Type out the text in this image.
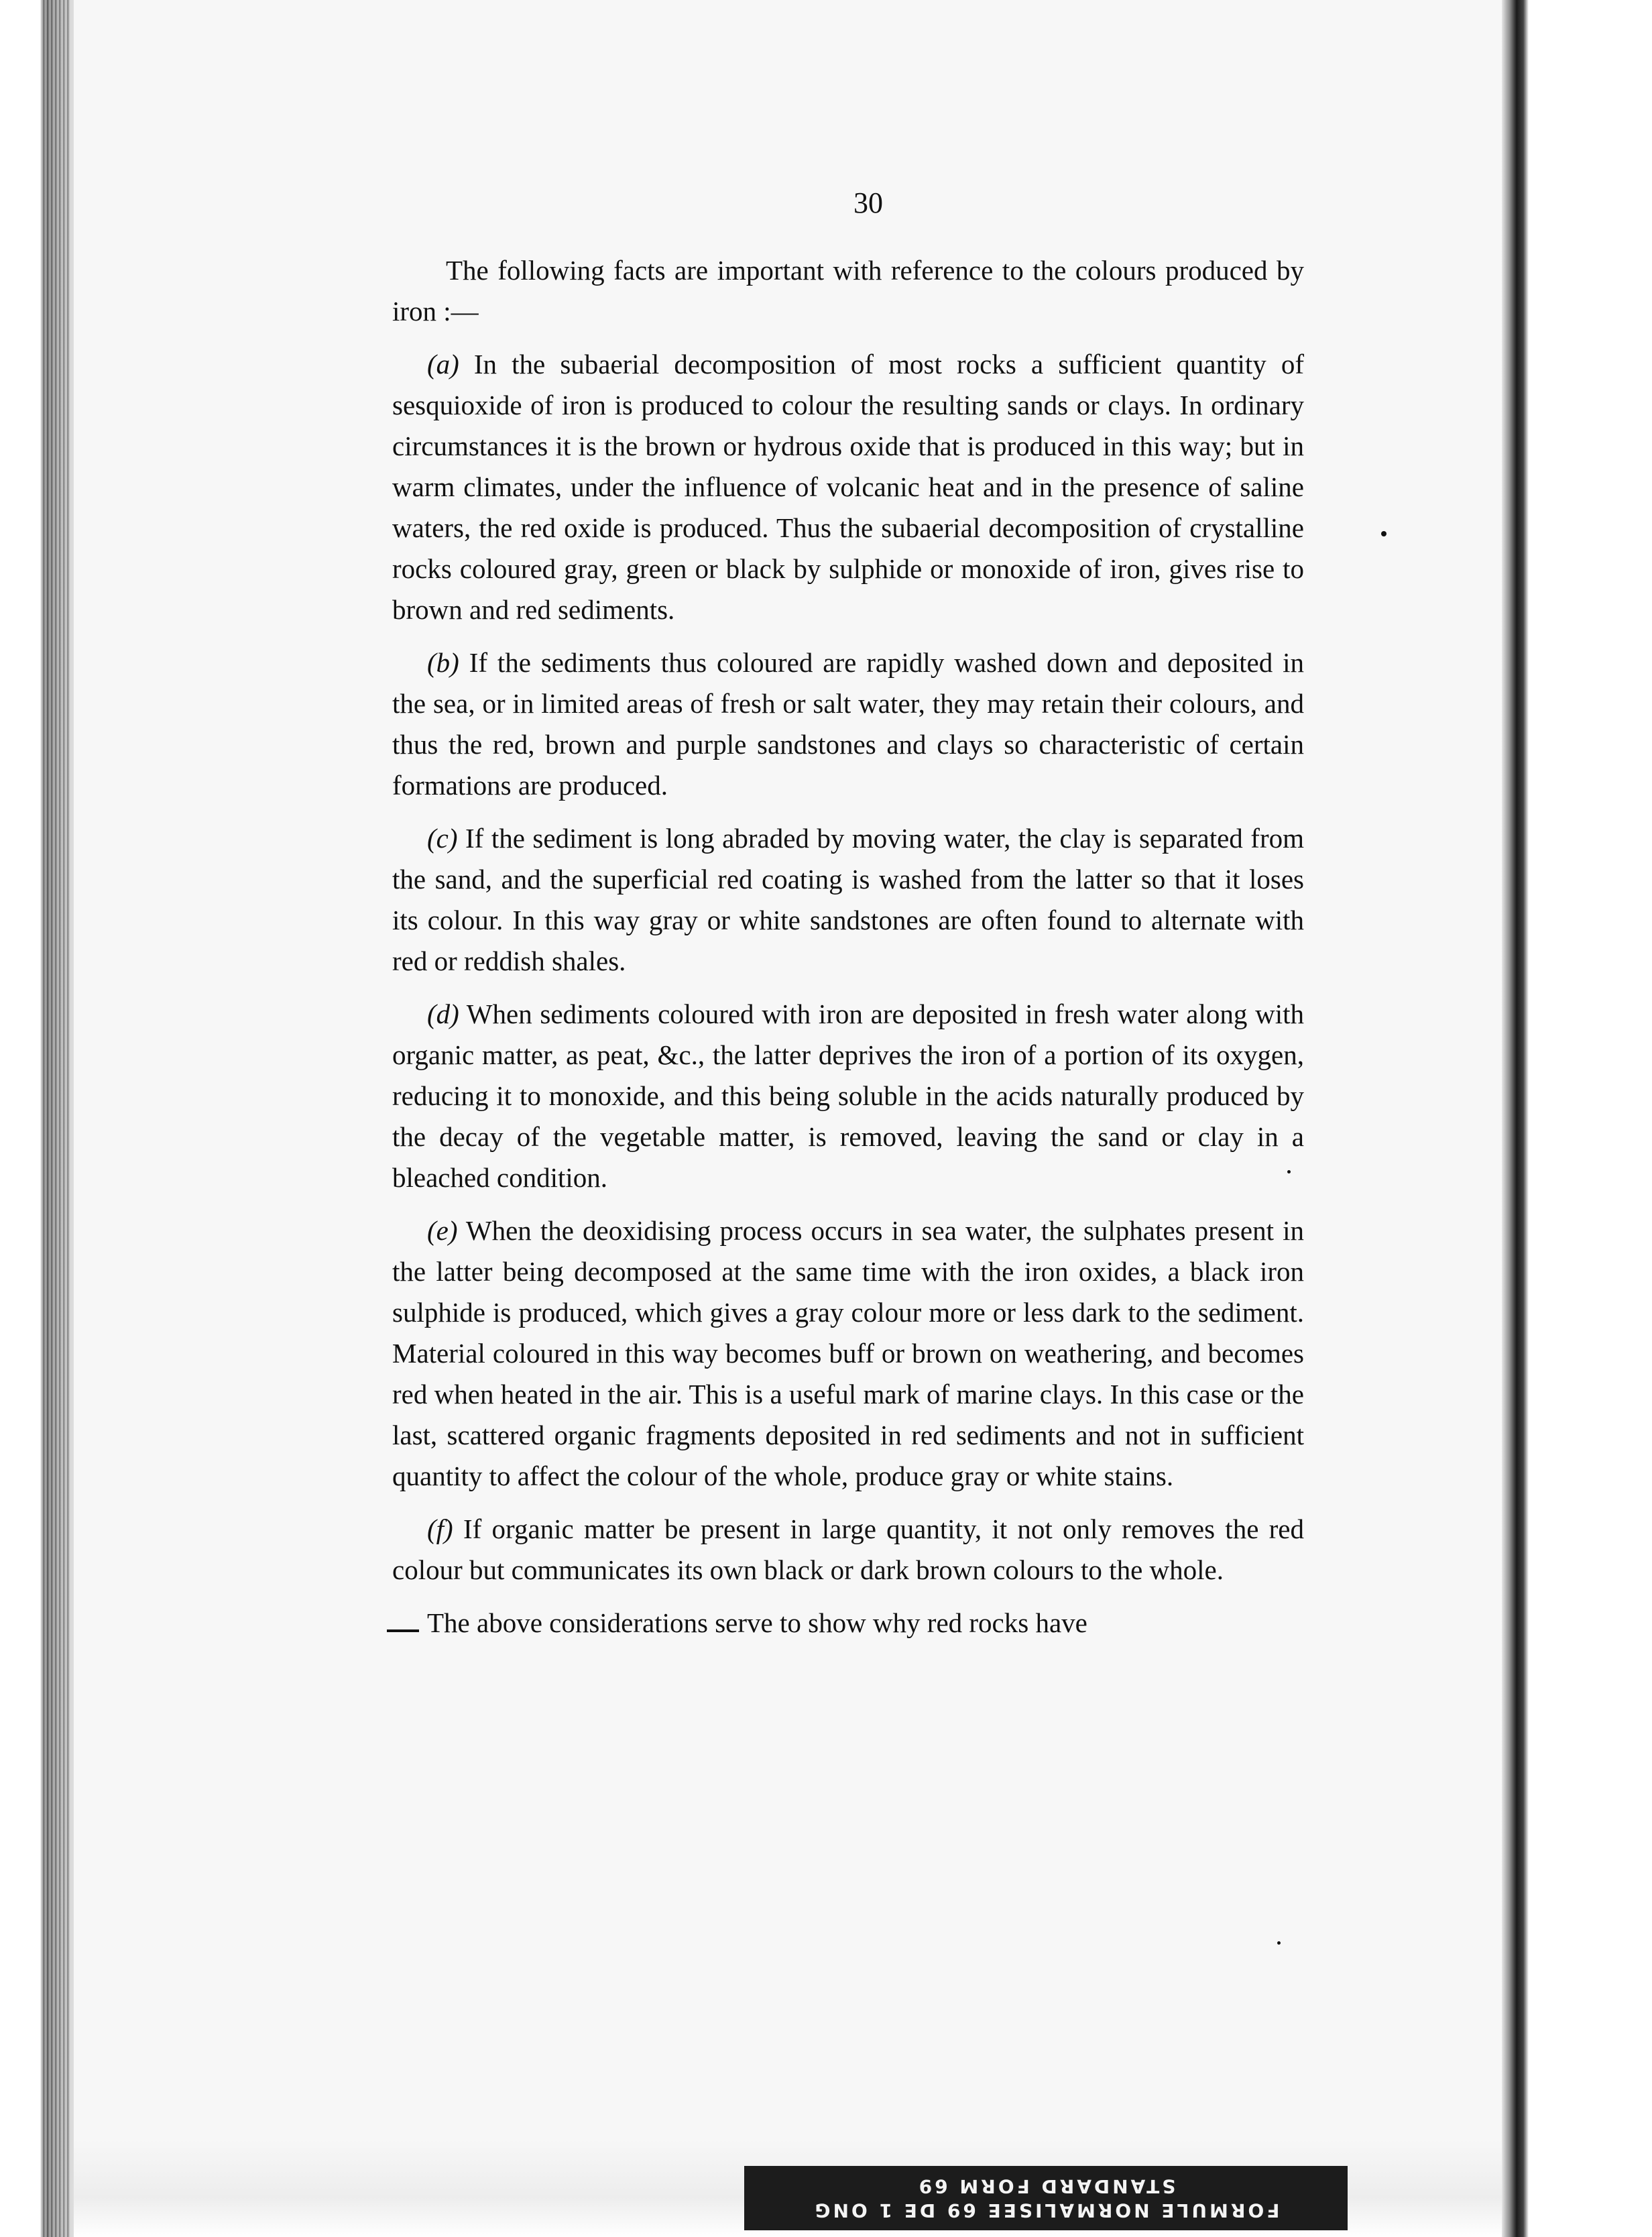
30

The following facts are important with reference to the colours produced by iron :—

(a) In the subaerial decomposition of most rocks a sufficient quantity of sesquioxide of iron is produced to colour the resulting sands or clays. In ordinary circumstances it is the brown or hydrous oxide that is produced in this way; but in warm climates, under the influence of volcanic heat and in the presence of saline waters, the red oxide is produced. Thus the subaerial decomposition of crystalline rocks coloured gray, green or black by sulphide or monoxide of iron, gives rise to brown and red sediments.

(b) If the sediments thus coloured are rapidly washed down and deposited in the sea, or in limited areas of fresh or salt water, they may retain their colours, and thus the red, brown and purple sandstones and clays so characteristic of certain formations are produced.

(c) If the sediment is long abraded by moving water, the clay is separated from the sand, and the superficial red coating is washed from the latter so that it loses its colour. In this way gray or white sandstones are often found to alternate with red or reddish shales.

(d) When sediments coloured with iron are deposited in fresh water along with organic matter, as peat, &c., the latter deprives the iron of a portion of its oxygen, reducing it to monoxide, and this being soluble in the acids naturally produced by the decay of the vegetable matter, is removed, leaving the sand or clay in a bleached condition.

(e) When the deoxidising process occurs in sea water, the sulphates present in the latter being decomposed at the same time with the iron oxides, a black iron sulphide is produced, which gives a gray colour more or less dark to the sediment. Material coloured in this way becomes buff or brown on weathering, and becomes red when heated in the air. This is a useful mark of marine clays. In this case or the last, scattered organic fragments deposited in red sediments and not in sufficient quantity to affect the colour of the whole, produce gray or white stains.

(f) If organic matter be present in large quantity, it not only removes the red colour but communicates its own black or dark brown colours to the whole.

The above considerations serve to show why red rocks have

FORMULE NORMALISEE 69 DE 1 ONG
STANDARD FORM 69
